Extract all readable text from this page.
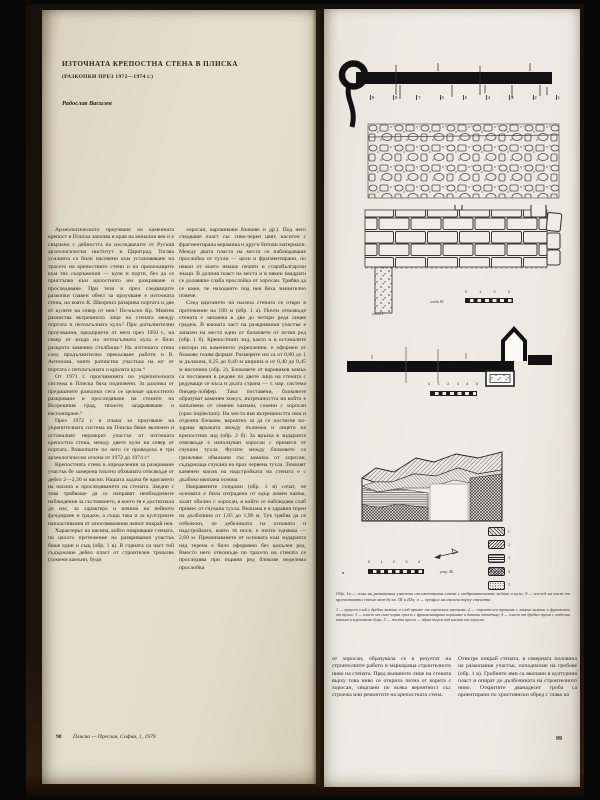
ИЗТОЧНАТА КРЕПОСТНА СТЕНА В ПЛИСКА
(РАЗКОПКИ ПРЕЗ 1972—1974 г.)
Радослав Василев

Археологическото проучване на каменната крепост в Плиска започва в края на миналия век и е свързано с дейността на изследвачите от Руския археологически институт в Цариград. Тогава усилията са били насочени към установяване на трасето на крепостните стени и на прилежащите към тях съоръжения — кули и порти, без да се пристъпва към цялостното им разкриване и проследяване. При тези и през следващите разкопки главен обект за проучване е източната стена, на която К. Шкорпил разкрива портата и две от кулите на север от нея.¹ По-късно Кр. Миятев разчиства вътрешното лице на стената между портата и петоъгълната кула.² При допълнителни проучвания, предприети от него през 1950 г., на север от входа на петоъгълната кула е било разкрито каменно стълбище.³ На източната стена след продължително прекъсване работи и В. Антонова, която разчиства участъка на юг от портата с петоъгълната и крилата кула.⁴

От 1971 г. проучванията по укрепителната система в Плиска бяха подновени. За разлика от предишните разкопки сега се целеше цялостното разкриване и проследяване на стените на Вътрешния град, тяхното заздравяване и експониране.⁵

През 1972 г. в плана за проучване на укрепителната система на Плиска беше включен и останалият неразкрит участък от източната крепостна стена, между двете кули на север от портата. Разкопките по него се проведоха в три археологически сезона от 1972 до 1974 г.⁶

Крепостната стена в определения за разкриване участък бе замерена плътно обхваната отвсякъде от дебел 2—2,30 м насип. Нашата задача бе вдигането на насипа и проследяването на стената. Заедно с това трябваше да се направят необходимите наблюдения за състоянието, в което тя е достигнала до нас, за характера и начина на нейното фундиране и градеж, а също така и за културните напластявания от многовековния живот покрай нея.

Характерът на насипа, който покриваше стената, по цялото протежение на разкривания участък беше един и същ (обр. 1 в). В горната си част той съдържаше дебел пласт от строителен трошляк (ломени камъни, буци

хоросан, варовикови блокове и др.). Под него следваше пласт със сиво-черен цвят, наситен с фрагментирана керамика и други битови материали. Между двата пласта на места се наблюдаваше прослойка от тухли — цели и фрагментирани, по някои от които имаше печати и старобългарски знаци. В долния пласт на места и в някои квадрати се долавяше слаба прослойка от хоросан. Трябва да се каже, че находките под нея бяха значително повече.

След вдигането на насипа стената се откри в протежение на 190 м (обр. 1 а). Почти отвсякъде стената е запазена в два до четири реда лицев градеж. В южната част на разкривания участък е запазен на места един от блоковете от петия ред (обр. 1 б). Крепостният зид, както и в останалите сектори на каменното укрепление, е оформен от блокове голям формат. Размерите им са от 0,80 до 1 м дължина, 0,25 до 0,40 м ширина и от 0,40 до 0,45 м височина (обр. 2). Блоковете от варовиков камък са поставени в редове по двете лица на стената с редуващи се къса и дълга страна — т. нар. система биндер-лойфер. Така поставени, блоковете образуват каменен кожух, вътрешността на който е запълнена от ломени камъни, споени с хоросан (opus implectum). На места във вътрешността има и отделни блокове, вероятно за да се постигне по-здрава връзката между пълнежа и лицето на крепостния зид (обр. 2 б). За връзка в зидарията отвсякъде е използуван хоросан с примеси от счукана тухла. Фугите между блоковете са грижливо обмазани със замазка от хоросан, съдържаща счукана на прах червена тухла. Тежкият каменен масив на надстройката на стената е с дълбоко вкопана основа.

Направените сондажи (обр. 1 в) сочат, че основата е била изградена от едър ломен камък, залят обилно с хоросан, в който се наблюдава слаб примес от счукана тухла. Вкопана е в здравия терен на дълбочина от 1,85 до 1,90 м. Тук трябва да се отбележи, че дебелината на основата и надстройката, която тя носи, е почти еднаква — 2,60 м. Преминаването от основата към зидарията над терена е било оформено без цокълен ред. Вместо него отвсякъде по трасето на стената се проследява при първия ред блокове неделима прослойка

98 Плиска — Преслав, София, 1, 1979
9	8	7	6	5	4	3	2	1
сонда I
сонда III
0	1	2	3
0 1 2 3 4 5
1
2
3
4
5
0	1	2	3	4
разр. АБ
в

Обр. 1а — план на разкопания участък от източната стена с отбранителните зидове и кули; б — изглед на част от крепостната стена между кв. III и IIIа; в — профил на насипа върху стената

1 — хумусен слой с дребни камъни и слаб примес от хоросанов трошляк; 2 — строителен трошляк с ломени камъни и фрагменти от тухли; 3 — пласт от сиво-черна пръст с фрагментирана керамика и битови отпадъци; 4 — пласт от дребни тухли с отделни камъни и хоросанови буци; 5 — жълта пръст — здрав терен под насипа от хоросан

от хоросан, образувала се в резултат на строителните работи и маркираща строителното ниво на стената. Пред външното лице на стената върху това ниво се откриха петна от корита с хоросан, свързани по всяка вероятност със строежа или ремонтите на крепостната стена.

Отвътре покрай стената, в северната половина на разкопания участък, попаднахме на гробове (обр. 1 в). Гробните ями са вкопани в културния пласт и опират до дълбочината на строителното ниво. Откритите дванадесет гроба са ориентирани по християнски обред с глава на

99
